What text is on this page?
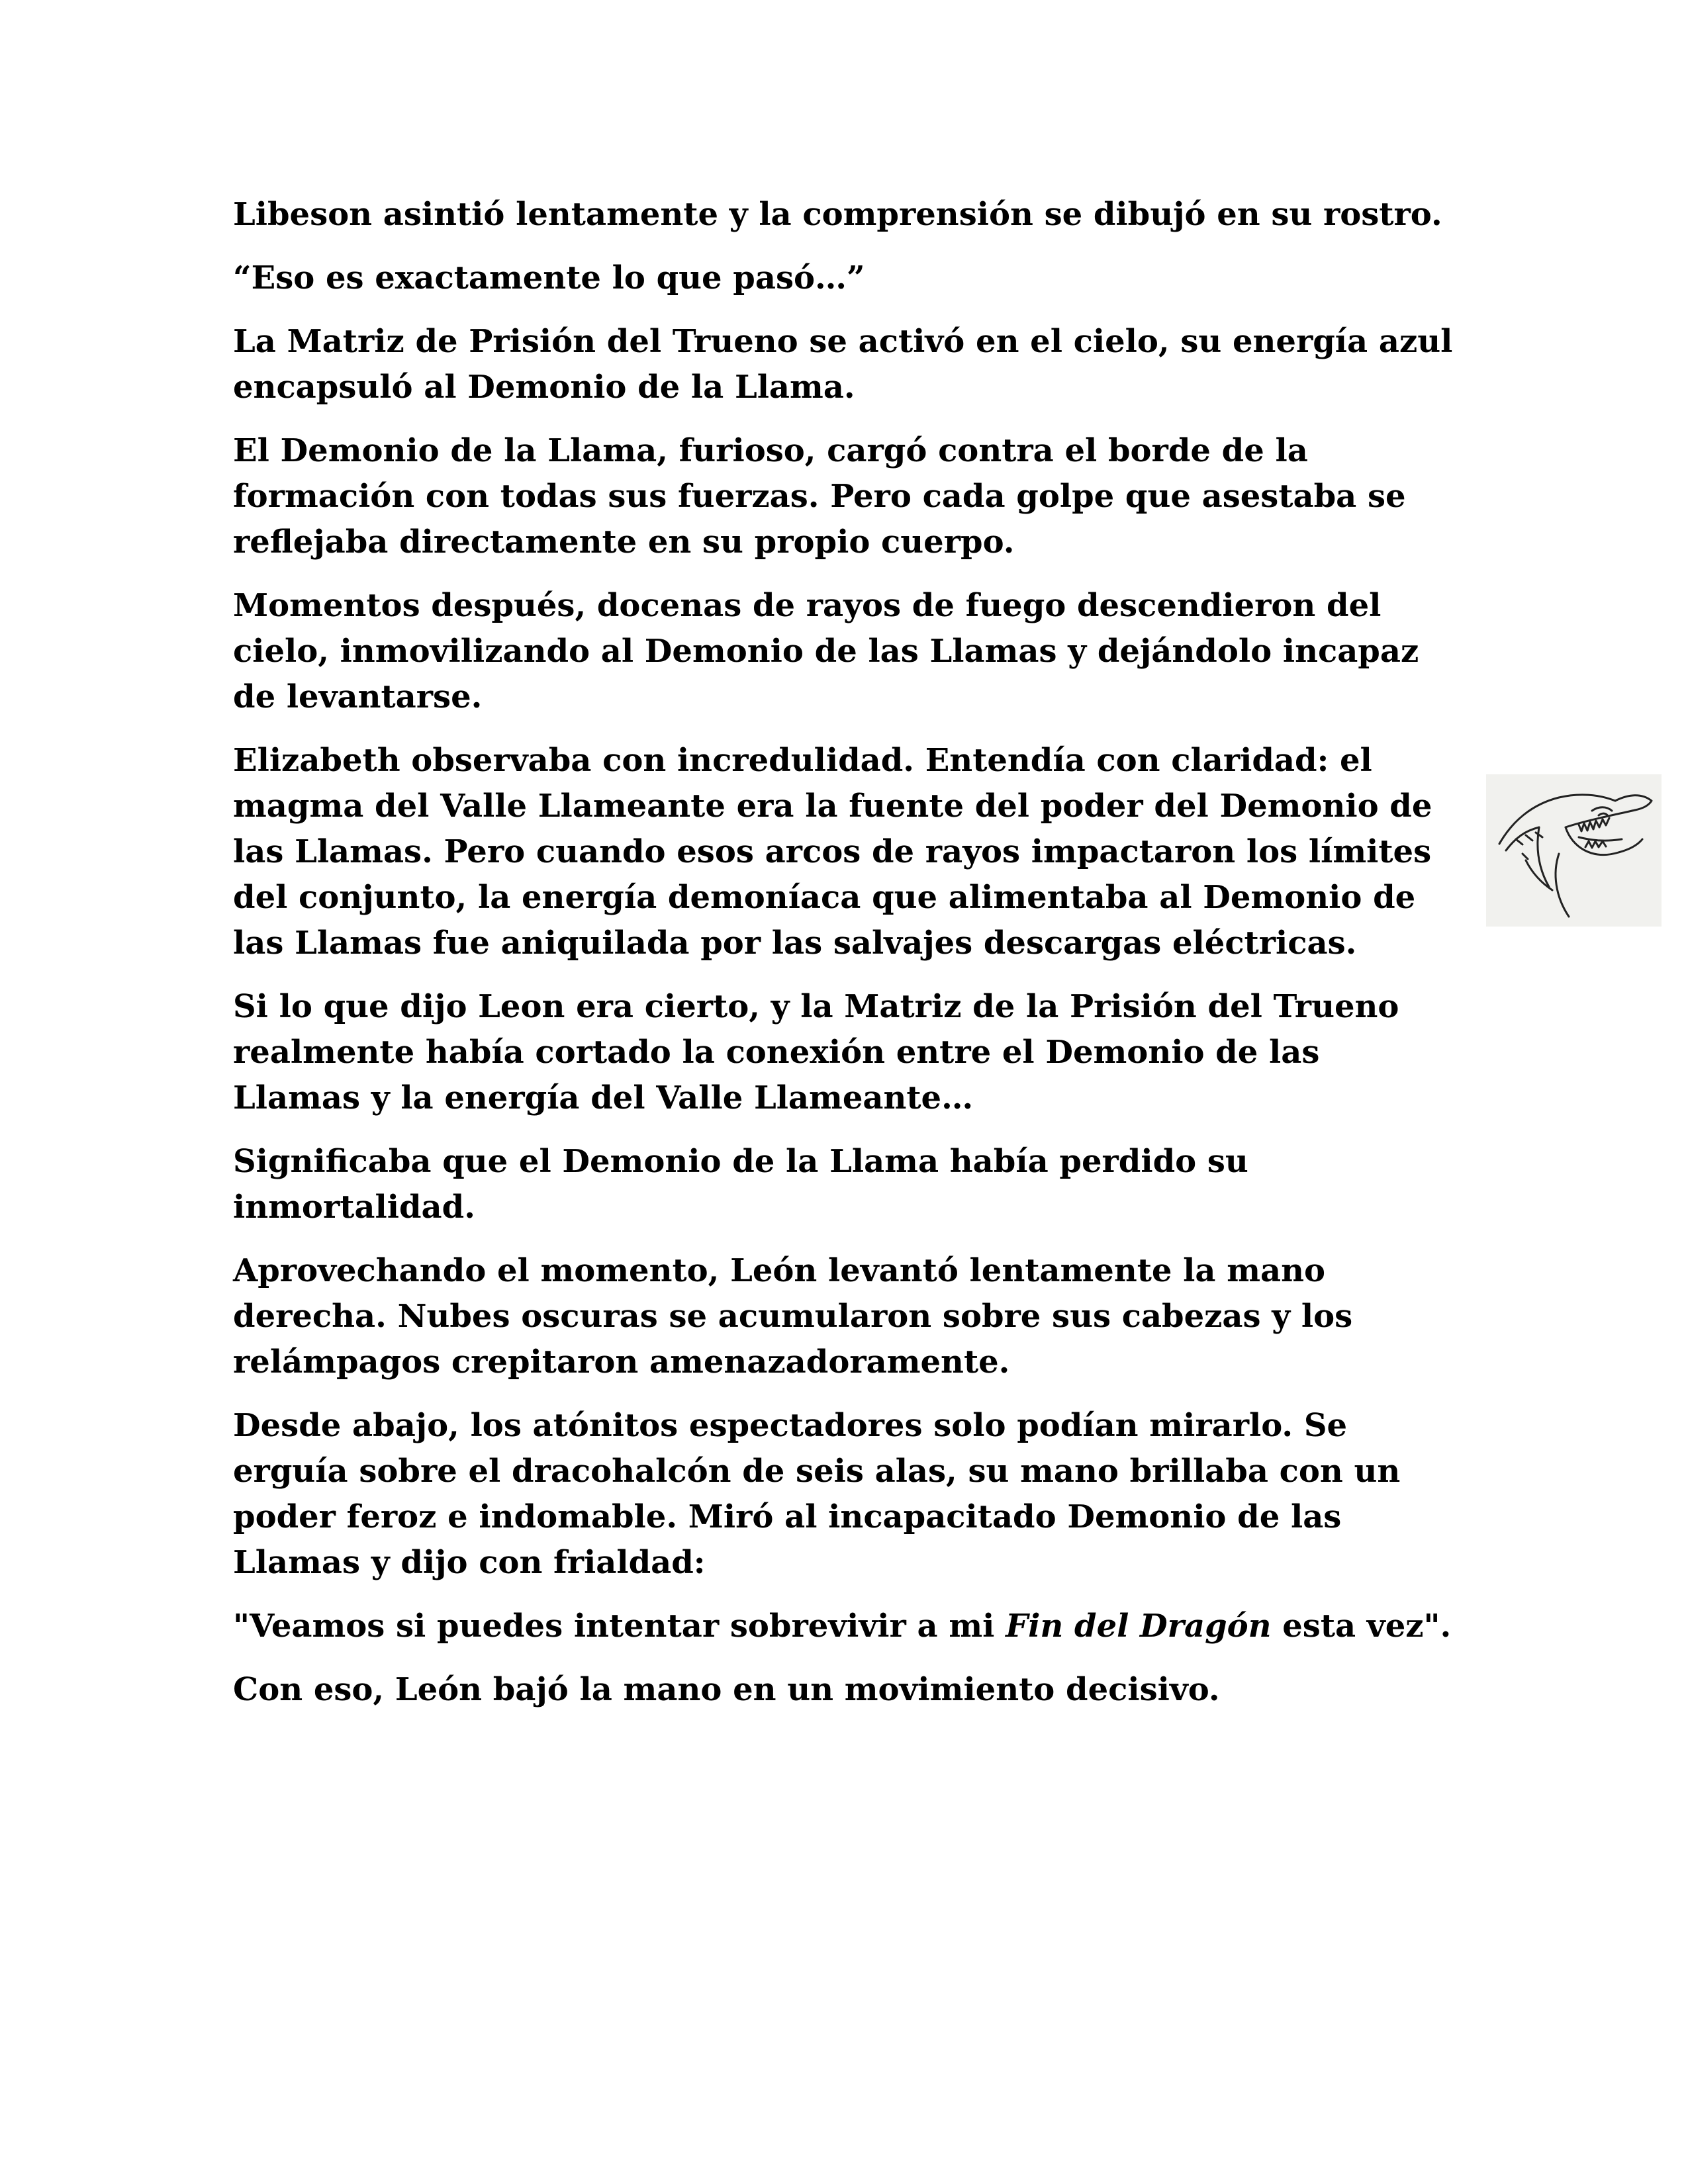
Libeson asintió lentamente y la comprensión se dibujó en su rostro.

“Eso es exactamente lo que pasó…”

La Matriz de Prisión del Trueno se activó en el cielo, su energía azul encapsuló al Demonio de la Llama.

El Demonio de la Llama, furioso, cargó contra el borde de la formación con todas sus fuerzas. Pero cada golpe que asestaba se reflejaba directamente en su propio cuerpo.

Momentos después, docenas de rayos de fuego descendieron del cielo, inmovilizando al Demonio de las Llamas y dejándolo incapaz de levantarse.

Elizabeth observaba con incredulidad. Entendía con claridad: el magma del Valle Llameante era la fuente del poder del Demonio de las Llamas. Pero cuando esos arcos de rayos impactaron los límites del conjunto, la energía demoníaca que alimentaba al Demonio de las Llamas fue aniquilada por las salvajes descargas eléctricas.

Si lo que dijo Leon era cierto, y la Matriz de la Prisión del Trueno realmente había cortado la conexión entre el Demonio de las Llamas y la energía del Valle Llameante…

Significaba que el Demonio de la Llama había perdido su inmortalidad.

Aprovechando el momento, León levantó lentamente la mano derecha. Nubes oscuras se acumularon sobre sus cabezas y los relámpagos crepitaron amenazadoramente.

Desde abajo, los atónitos espectadores solo podían mirarlo. Se erguía sobre el dracohalcón de seis alas, su mano brillaba con un poder feroz e indomable. Miró al incapacitado Demonio de las Llamas y dijo con frialdad:

"Veamos si puedes intentar sobrevivir a mi Fin del Dragón esta vez".

Con eso, León bajó la mano en un movimiento decisivo.
